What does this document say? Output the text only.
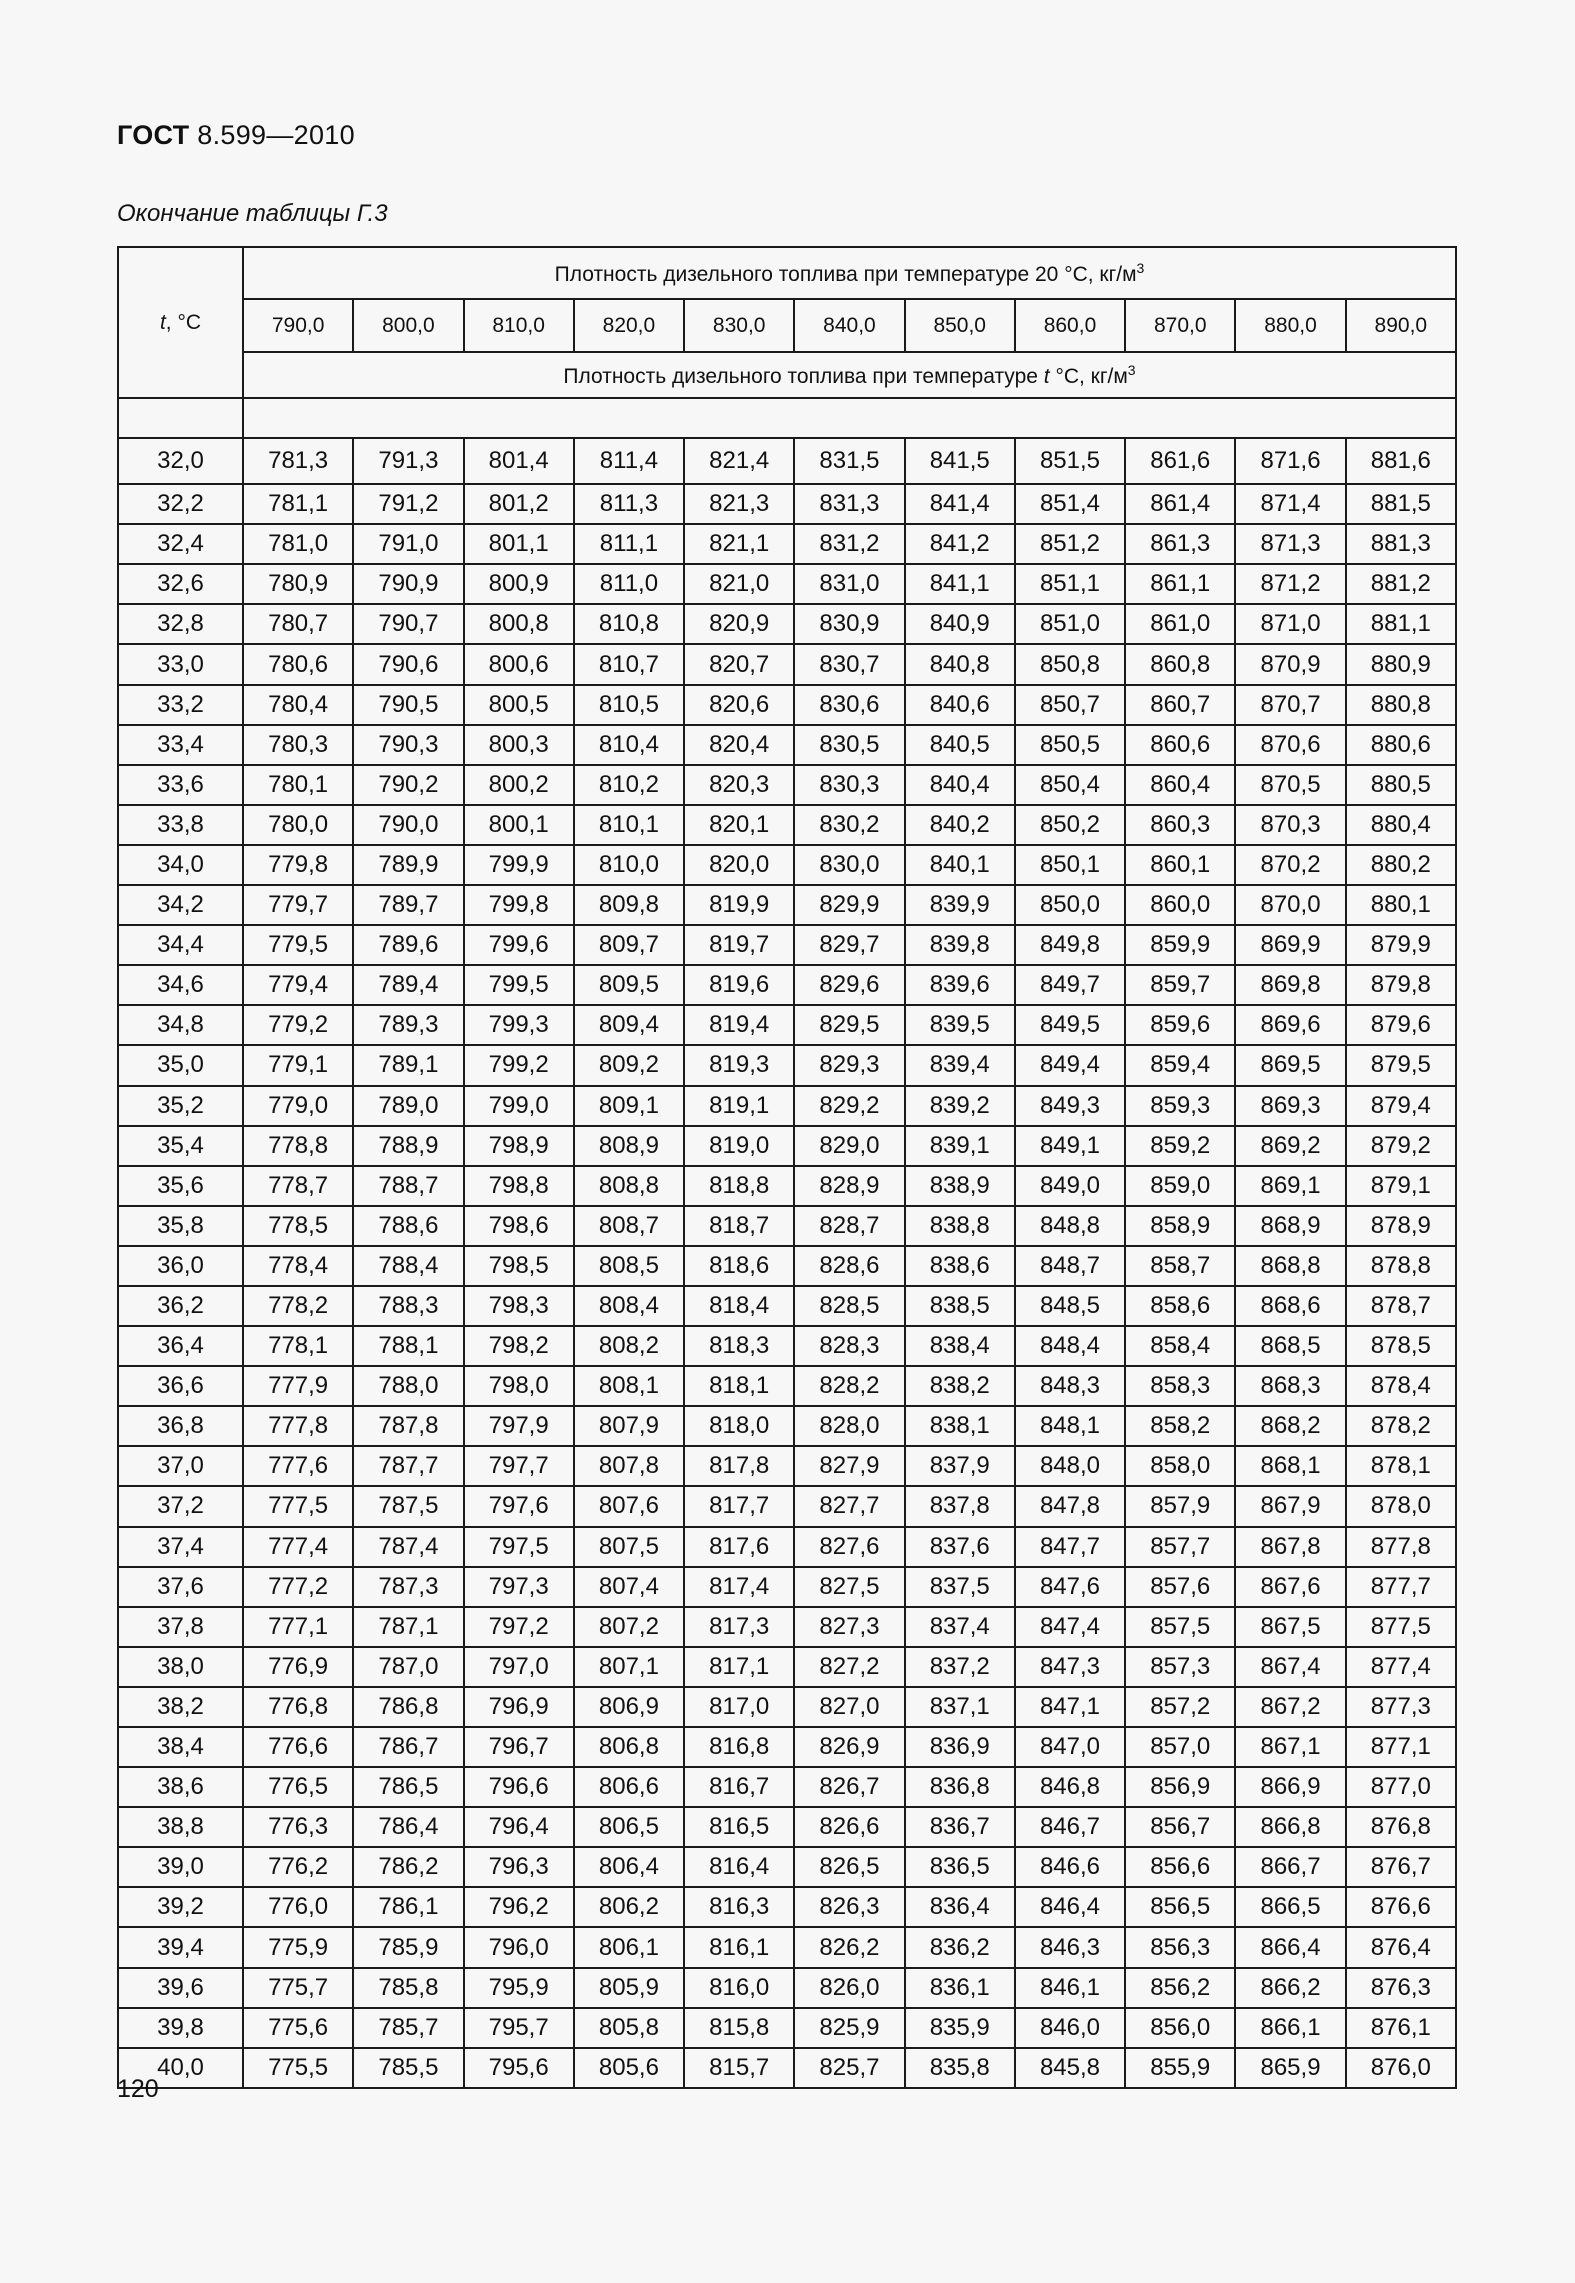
ГОСТ 8.599—2010
Окончание таблицы Г.3
t, °С	Плотность дизельного топлива при температуре 20 °С, $кг/м^3$
	790,0	800,0	810,0	820,0	830,0	840,0	850,0	860,0	870,0	880,0	890,0
	Плотность дизельного топлива при температуре t °С, $кг/м^3$

32,0	781,3	791,3	801,4	811,4	821,4	831,5	841,5	851,5	861,6	871,6	881,6
32,2	781,1	791,2	801,2	811,3	821,3	831,3	841,4	851,4	861,4	871,4	881,5
32,4	781,0	791,0	801,1	811,1	821,1	831,2	841,2	851,2	861,3	871,3	881,3
32,6	780,9	790,9	800,9	811,0	821,0	831,0	841,1	851,1	861,1	871,2	881,2
32,8	780,7	790,7	800,8	810,8	820,9	830,9	840,9	851,0	861,0	871,0	881,1
33,0	780,6	790,6	800,6	810,7	820,7	830,7	840,8	850,8	860,8	870,9	880,9
33,2	780,4	790,5	800,5	810,5	820,6	830,6	840,6	850,7	860,7	870,7	880,8
33,4	780,3	790,3	800,3	810,4	820,4	830,5	840,5	850,5	860,6	870,6	880,6
33,6	780,1	790,2	800,2	810,2	820,3	830,3	840,4	850,4	860,4	870,5	880,5
33,8	780,0	790,0	800,1	810,1	820,1	830,2	840,2	850,2	860,3	870,3	880,4
34,0	779,8	789,9	799,9	810,0	820,0	830,0	840,1	850,1	860,1	870,2	880,2
34,2	779,7	789,7	799,8	809,8	819,9	829,9	839,9	850,0	860,0	870,0	880,1
34,4	779,5	789,6	799,6	809,7	819,7	829,7	839,8	849,8	859,9	869,9	879,9
34,6	779,4	789,4	799,5	809,5	819,6	829,6	839,6	849,7	859,7	869,8	879,8
34,8	779,2	789,3	799,3	809,4	819,4	829,5	839,5	849,5	859,6	869,6	879,6
35,0	779,1	789,1	799,2	809,2	819,3	829,3	839,4	849,4	859,4	869,5	879,5
35,2	779,0	789,0	799,0	809,1	819,1	829,2	839,2	849,3	859,3	869,3	879,4
35,4	778,8	788,9	798,9	808,9	819,0	829,0	839,1	849,1	859,2	869,2	879,2
35,6	778,7	788,7	798,8	808,8	818,8	828,9	838,9	849,0	859,0	869,1	879,1
35,8	778,5	788,6	798,6	808,7	818,7	828,7	838,8	848,8	858,9	868,9	878,9
36,0	778,4	788,4	798,5	808,5	818,6	828,6	838,6	848,7	858,7	868,8	878,8
36,2	778,2	788,3	798,3	808,4	818,4	828,5	838,5	848,5	858,6	868,6	878,7
36,4	778,1	788,1	798,2	808,2	818,3	828,3	838,4	848,4	858,4	868,5	878,5
36,6	777,9	788,0	798,0	808,1	818,1	828,2	838,2	848,3	858,3	868,3	878,4
36,8	777,8	787,8	797,9	807,9	818,0	828,0	838,1	848,1	858,2	868,2	878,2
37,0	777,6	787,7	797,7	807,8	817,8	827,9	837,9	848,0	858,0	868,1	878,1
37,2	777,5	787,5	797,6	807,6	817,7	827,7	837,8	847,8	857,9	867,9	878,0
37,4	777,4	787,4	797,5	807,5	817,6	827,6	837,6	847,7	857,7	867,8	877,8
37,6	777,2	787,3	797,3	807,4	817,4	827,5	837,5	847,6	857,6	867,6	877,7
37,8	777,1	787,1	797,2	807,2	817,3	827,3	837,4	847,4	857,5	867,5	877,5
38,0	776,9	787,0	797,0	807,1	817,1	827,2	837,2	847,3	857,3	867,4	877,4
38,2	776,8	786,8	796,9	806,9	817,0	827,0	837,1	847,1	857,2	867,2	877,3
38,4	776,6	786,7	796,7	806,8	816,8	826,9	836,9	847,0	857,0	867,1	877,1
38,6	776,5	786,5	796,6	806,6	816,7	826,7	836,8	846,8	856,9	866,9	877,0
38,8	776,3	786,4	796,4	806,5	816,5	826,6	836,7	846,7	856,7	866,8	876,8
39,0	776,2	786,2	796,3	806,4	816,4	826,5	836,5	846,6	856,6	866,7	876,7
39,2	776,0	786,1	796,2	806,2	816,3	826,3	836,4	846,4	856,5	866,5	876,6
39,4	775,9	785,9	796,0	806,1	816,1	826,2	836,2	846,3	856,3	866,4	876,4
39,6	775,7	785,8	795,9	805,9	816,0	826,0	836,1	846,1	856,2	866,2	876,3
39,8	775,6	785,7	795,7	805,8	815,8	825,9	835,9	846,0	856,0	866,1	876,1
40,0	775,5	785,5	795,6	805,6	815,7	825,7	835,8	845,8	855,9	865,9	876,0
120
